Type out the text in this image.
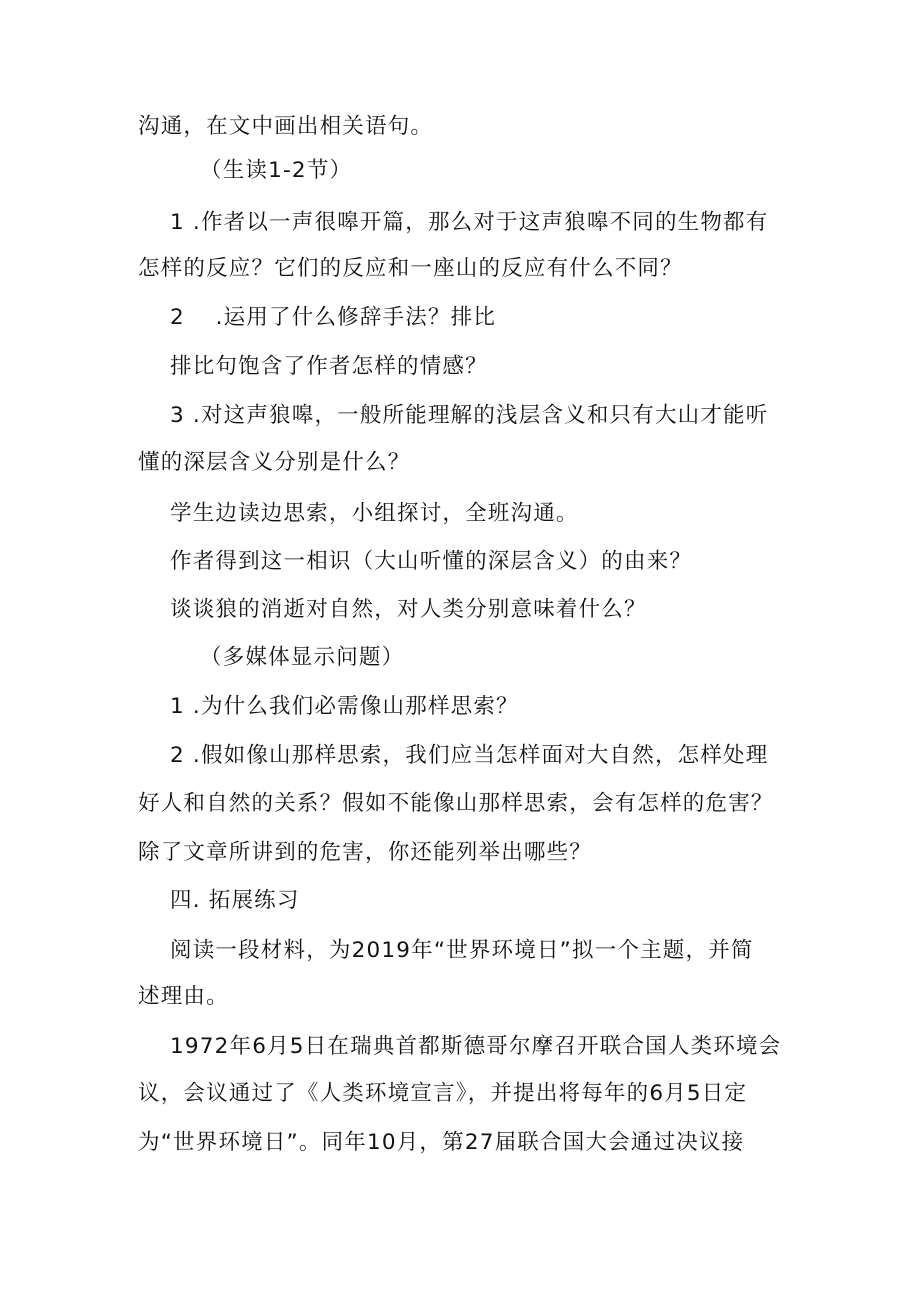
沟通，在文中画出相关语句。
（生读1-2节）
1 .作者以一声很嗥开篇，那么对于这声狼嗥不同的生物都有
怎样的反应？它们的反应和一座山的反应有什么不同？
2　 .运用了什么修辞手法？排比
排比句饱含了作者怎样的情感？
3 .对这声狼嗥，一般所能理解的浅层含义和只有大山才能听
懂的深层含义分别是什么？
学生边读边思索，小组探讨，全班沟通。
作者得到这一相识（大山听懂的深层含义）的由来？
谈谈狼的消逝对自然，对人类分别意味着什么？
（多媒体显示问题）
1 .为什么我们必需像山那样思索？
2 .假如像山那样思索，我们应当怎样面对大自然，怎样处理
好人和自然的关系？假如不能像山那样思索，会有怎样的危害？
除了文章所讲到的危害，你还能列举出哪些？
四. 拓展练习
阅读一段材料，为2019年“世界环境日”拟一个主题，并简
述理由。
1972年6月5日在瑞典首都斯德哥尔摩召开联合国人类环境会
议，会议通过了《人类环境宣言》，并提出将每年的6月5日定
为“世界环境日”。同年10月，第27届联合国大会通过决议接
